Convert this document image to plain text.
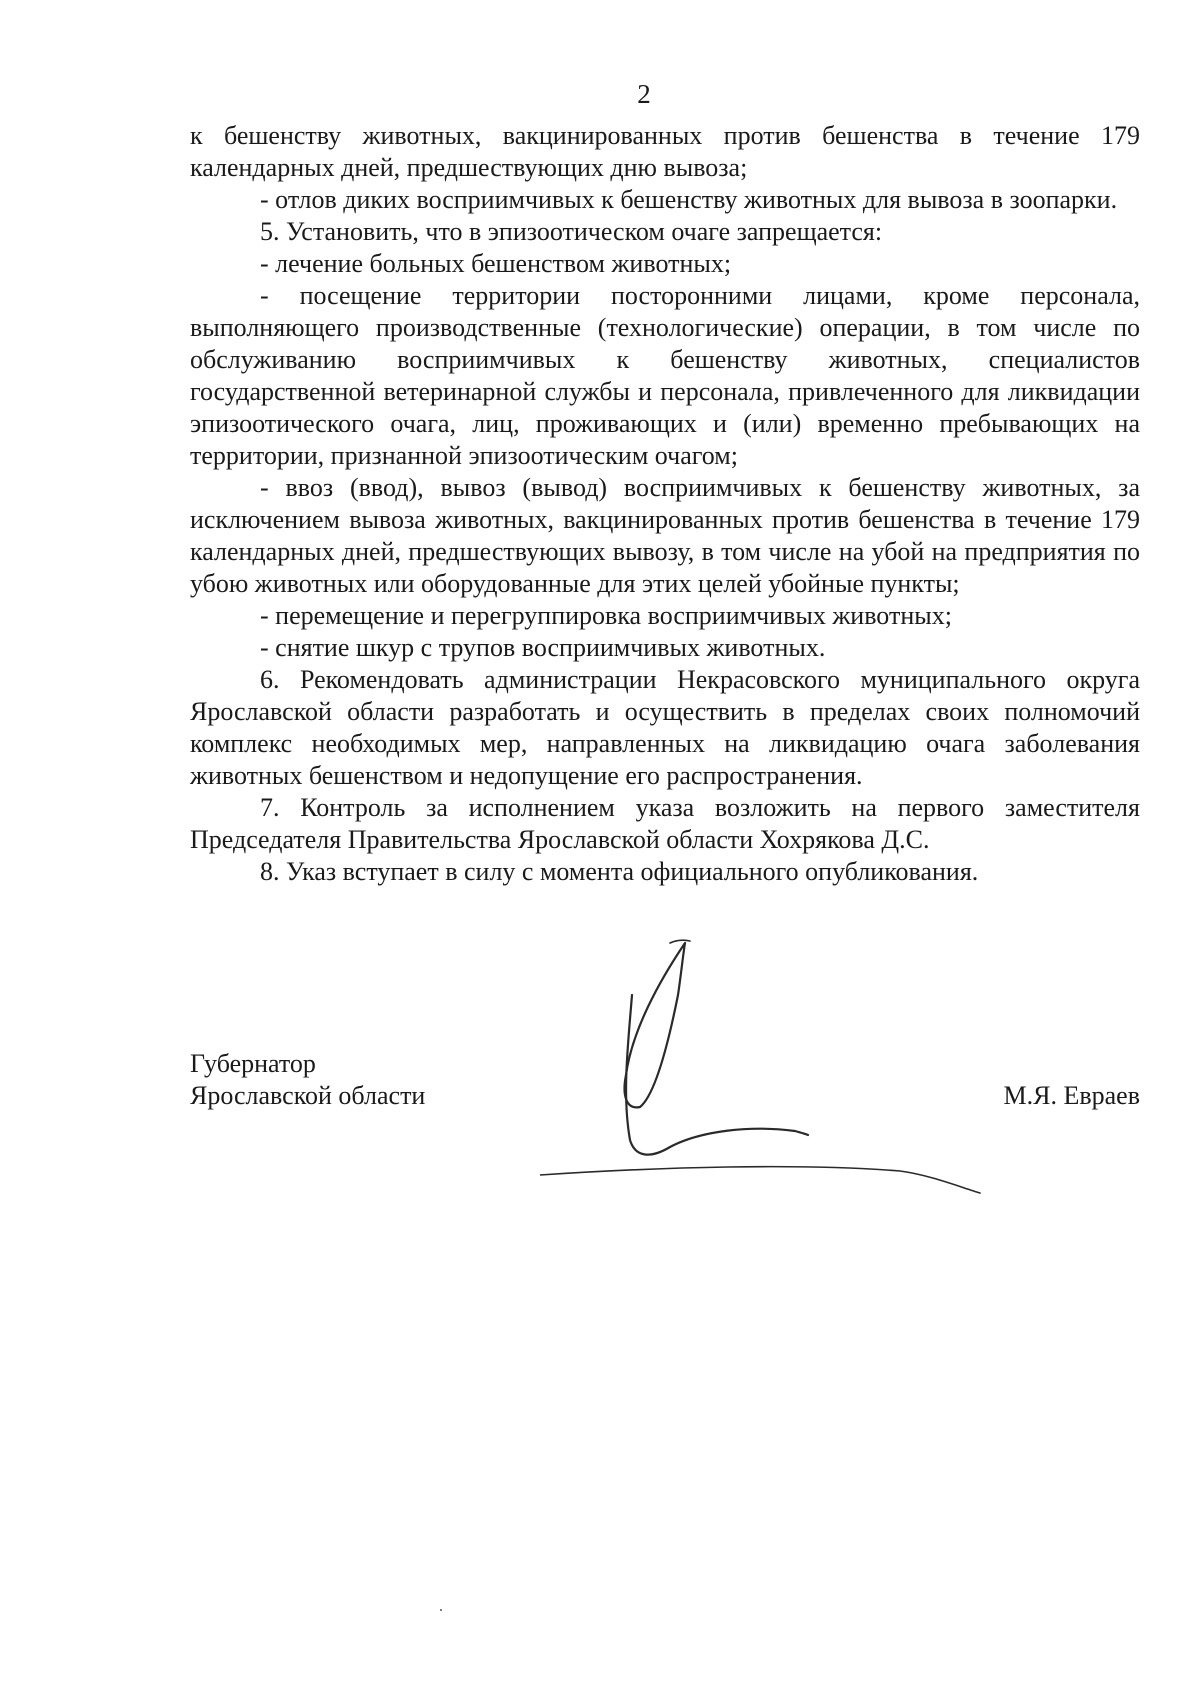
2

к бешенству животных, вакцинированных против бешенства в течение 179 календарных дней, предшествующих дню вывоза;

- отлов диких восприимчивых к бешенству животных для вывоза в зоопарки.

5. Установить, что в эпизоотическом очаге запрещается:

- лечение больных бешенством животных;

- посещение территории посторонними лицами, кроме персонала, выполняющего производственные (технологические) операции, в том числе по обслуживанию восприимчивых к бешенству животных, специалистов государственной ветеринарной службы и персонала, привлеченного для ликвидации эпизоотического очага, лиц, проживающих и (или) временно пребывающих на территории, признанной эпизоотическим очагом;

- ввоз (ввод), вывоз (вывод) восприимчивых к бешенству животных, за исключением вывоза животных, вакцинированных против бешенства в течение 179 календарных дней, предшествующих вывозу, в том числе на убой на предприятия по убою животных или оборудованные для этих целей убойные пункты;

- перемещение и перегруппировка восприимчивых животных;

- снятие шкур с трупов восприимчивых животных.

6. Рекомендовать администрации Некрасовского муниципального округа Ярославской области разработать и осуществить в пределах своих полномочий комплекс необходимых мер, направленных на ликвидацию очага заболевания животных бешенством и недопущение его распространения.

7. Контроль за исполнением указа возложить на первого заместителя Председателя Правительства Ярославской области Хохрякова Д.С.

8. Указ вступает в силу с момента официального опубликования.

Губернатор
Ярославской области	М.Я. Евраев
